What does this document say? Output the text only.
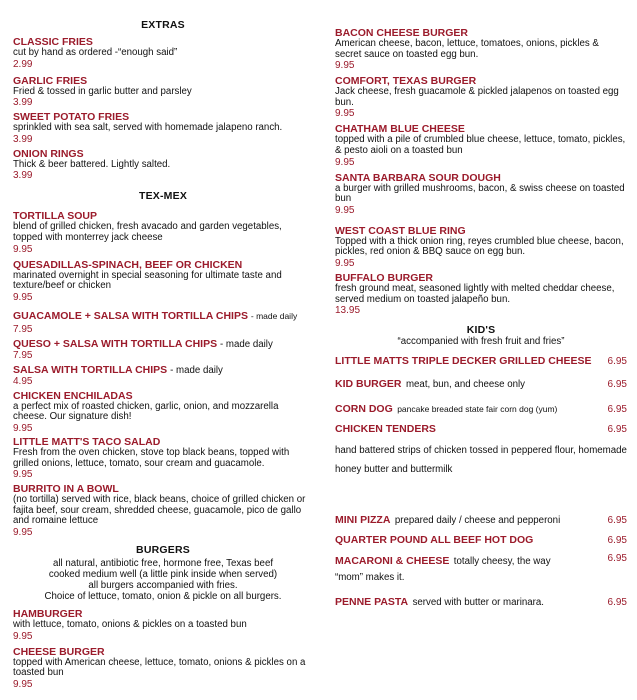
EXTRAS
CLASSIC FRIES
cut by hand as ordered -“enough said”
2.99
GARLIC FRIES
Fried & tossed in garlic butter and parsley
3.99
SWEET POTATO FRIES
sprinkled with sea salt, served with homemade jalapeno ranch.
3.99
ONION RINGS
Thick & beer battered. Lightly salted.
3.99
TEX-MEX
TORTILLA SOUP
blend of grilled chicken, fresh avacado and garden vegetables, topped with monterrey jack cheese
9.95
QUESADILLAS-SPINACH, BEEF OR CHICKEN
marinated overnight in special seasoning for ultimate taste and texture/beef or chicken
9.95
GUACAMOLE + SALSA WITH TORTILLA CHIPS - made daily
7.95
QUESO + SALSA WITH TORTILLA CHIPS - made daily
7.95
SALSA WITH TORTILLA CHIPS - made daily
4.95
CHICKEN ENCHILADAS
a perfect mix of roasted chicken, garlic, onion, and mozzarella cheese. Our signature dish!
9.95
LITTLE MATT'S TACO SALAD
Fresh from the oven chicken, stove top black beans, topped with grilled onions, lettuce, tomato, sour cream and guacamole.
9.95
BURRITO IN A BOWL
(no tortilla) served with rice, black beans, choice of grilled chicken or fajita beef, sour cream, shredded cheese, guacamole, pico de gallo and romaine lettuce
9.95
BURGERS
all natural, antibiotic free, hormone free, Texas beef
cooked medium well (a little pink inside when served)
all burgers accompanied with fries.
Choice of lettuce, tomato, onion & pickle on all burgers.
HAMBURGER
with lettuce, tomato, onions & pickles on a toasted bun
9.95
CHEESE BURGER
topped with American cheese, lettuce, tomato, onions & pickles on a toasted bun
9.95
BACON CHEESE BURGER
American cheese, bacon, lettuce, tomatoes, onions, pickles & secret sauce on toasted egg bun.
9.95
COMFORT, TEXAS BURGER
Jack cheese, fresh guacamole & pickled jalapenos on toasted egg bun.
9.95
CHATHAM BLUE CHEESE
topped with a pile of crumbled blue cheese, lettuce, tomato, pickles, & pesto aioli on a toasted bun
9.95
SANTA BARBARA SOUR DOUGH
a burger with grilled mushrooms, bacon, & swiss cheese on toasted bun
9.95
WEST COAST BLUE RING
Topped with a thick onion ring, reyes crumbled blue cheese, bacon, pickles, red onion & BBQ sauce on egg bun.
9.95
BUFFALO BURGER
fresh ground meat, seasoned lightly with melted cheddar cheese, served medium on toasted jalapeño bun.
13.95
KID'S
“accompanied with fresh fruit and fries”
LITTLE MATTS TRIPLE DECKER GRILLED CHEESE 6.95
KID BURGER meat, bun, and cheese only	6.95
CORN DOG pancake breaded state fair corn dog (yum)	6.95
CHICKEN TENDERS	6.95
hand battered strips of chicken tossed in peppered flour, homemade honey butter and buttermilk
MINI PIZZA prepared daily / cheese and pepperoni	6.95
QUARTER POUND ALL BEEF HOT DOG	6.95
MACARONI & CHEESE totally cheesy, the way “mom” makes it.
6.95
PENNE PASTA served with butter or marinara.	6.95
